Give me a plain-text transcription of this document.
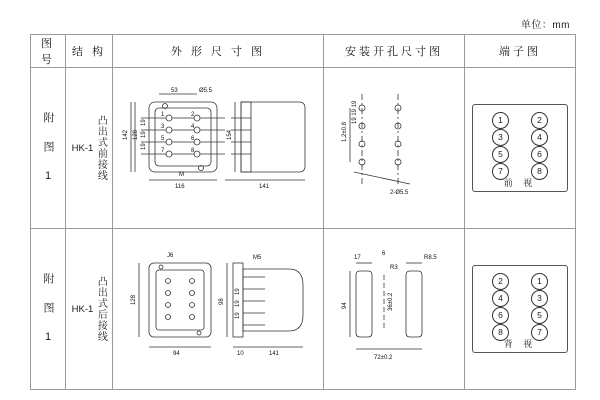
单位：mm
图 号	结 构	外 形 尺 寸 图	安装开孔尺寸图	端子图

附 图 1	HK-1 凸出式前接线

53	Ø5.5
142 128
19
19
19
116
154
141
M
1	2
3	4
5	6
7	8

1,2±0.8
19 19 19
2-Ø5.5

1	2
3	4
5	6
7	8
前 视

附 图 1	HK-1 凸出式后接线

J6
128
94
M5
98
19
19
19
10	141

17
6
R8.5
R3
94	36±0.2
72±0.2

2	1
4	3
6	5
8	7
背 视
